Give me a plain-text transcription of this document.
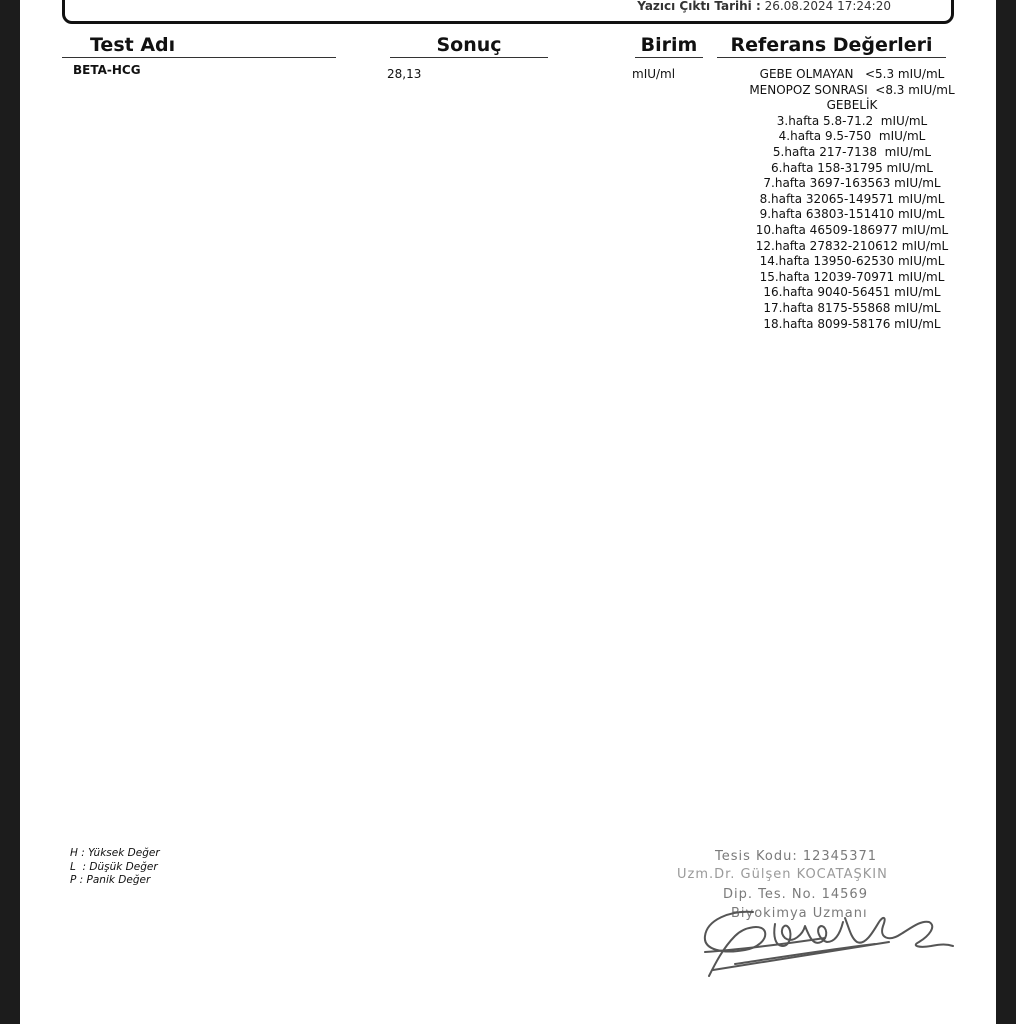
Yazıcı Çıktı Tarihi : 26.08.2024 17:24:20
Test Adı	Sonuç	Birim	Referans Değerleri
BETA-HCG	28,13	mIU/ml	GEBE OLMAYAN   <5.3 mIU/mL
MENOPOZ SONRASI  <8.3 mIU/mL
GEBELİK
3.hafta 5.8-71.2  mIU/mL
4.hafta 9.5-750  mIU/mL
5.hafta 217-7138  mIU/mL
6.hafta 158-31795 mIU/mL
7.hafta 3697-163563 mIU/mL
8.hafta 32065-149571 mIU/mL
9.hafta 63803-151410 mIU/mL
10.hafta 46509-186977 mIU/mL
12.hafta 27832-210612 mIU/mL
14.hafta 13950-62530 mIU/mL
15.hafta 12039-70971 mIU/mL
16.hafta 9040-56451 mIU/mL
17.hafta 8175-55868 mIU/mL
18.hafta 8099-58176 mIU/mL
H : Yüksek Değer
L  : Düşük Değer
P : Panik Değer
Tesis Kodu: 12345371
Uzm.Dr. Gülşen KOCATAŞKIN
Dip. Tes. No. 14569
Biyokimya Uzmanı
